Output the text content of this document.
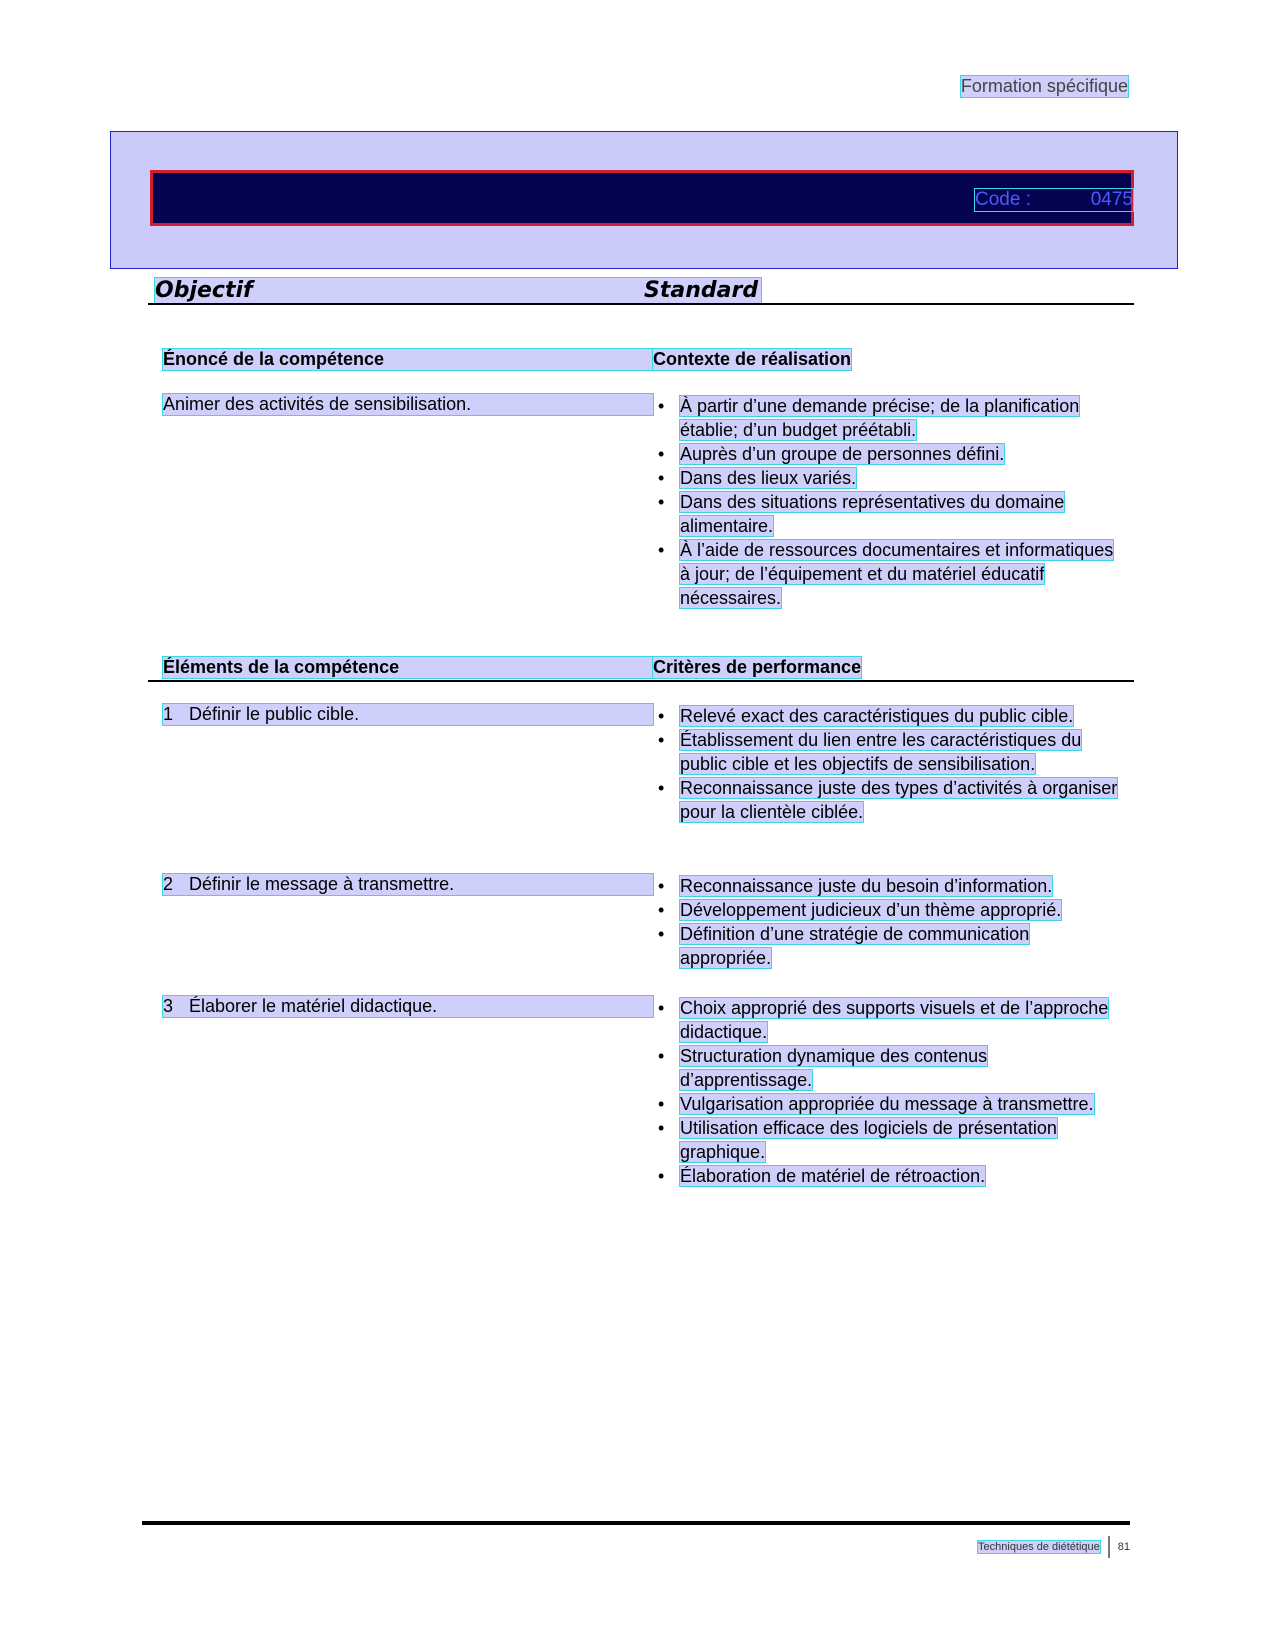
Formation spécifique
Code :	0475
Objectif	Standard
Énoncé de la compétence	Contexte de réalisation
Animer des activités de sensibilisation.	• À partir d’une demande précise; de la planification établie; d’un budget préétabli.
• Auprès d’un groupe de personnes défini.
• Dans des lieux variés.
• Dans des situations représentatives du domaine alimentaire.
• À l’aide de ressources documentaires et informatiques à jour; de l’équipement et du matériel éducatif nécessaires.
Éléments de la compétence	Critères de performance
1 Définir le public cible.	• Relevé exact des caractéristiques du public cible.
• Établissement du lien entre les caractéristiques du public cible et les objectifs de sensibilisation.
• Reconnaissance juste des types d’activités à organiser pour la clientèle ciblée.
2 Définir le message à transmettre.	• Reconnaissance juste du besoin d’information.
• Développement judicieux d’un thème approprié.
• Définition d’une stratégie de communication appropriée.
3 Élaborer le matériel didactique.	• Choix approprié des supports visuels et de l’approche didactique.
• Structuration dynamique des contenus d’apprentissage.
• Vulgarisation appropriée du message à transmettre.
• Utilisation efficace des logiciels de présentation graphique.
• Élaboration de matériel de rétroaction.
Techniques de diététique 81
